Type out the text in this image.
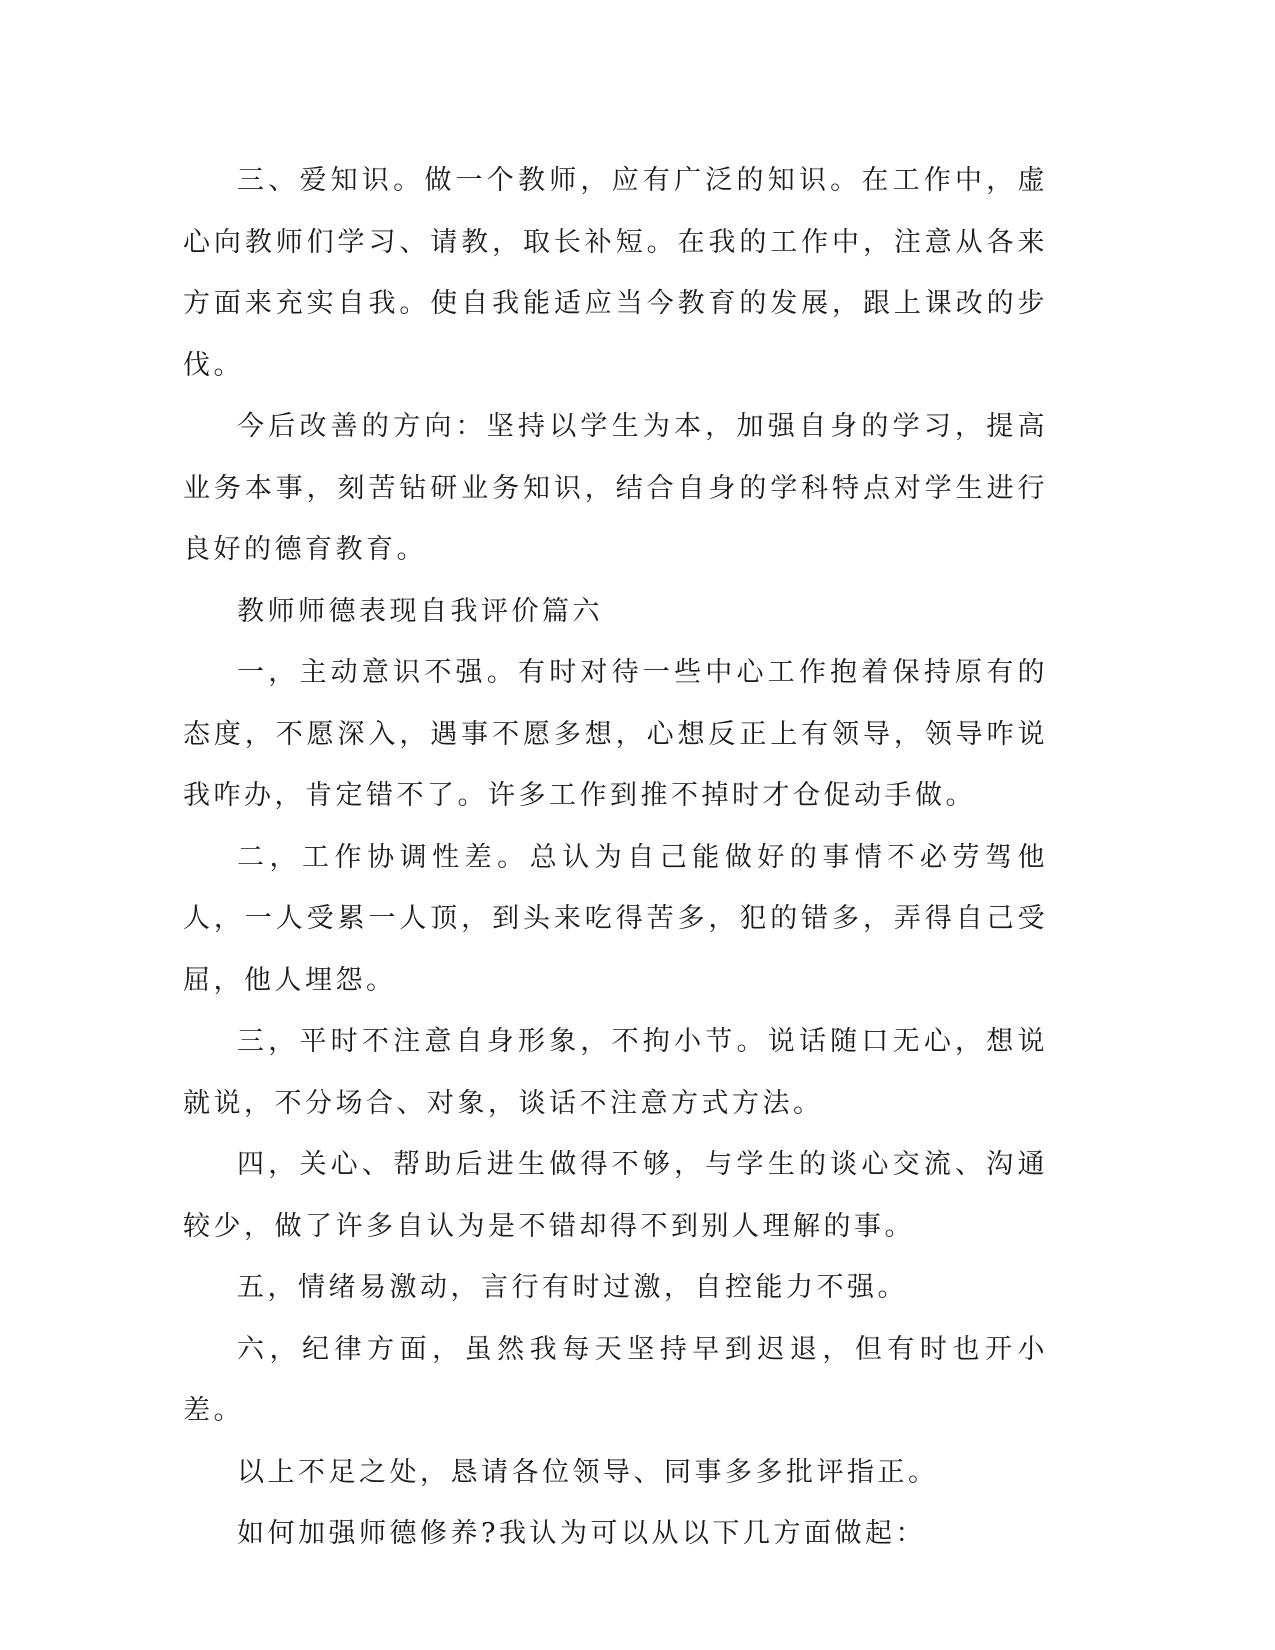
三、爱知识。做一个教师，应有广泛的知识。在工作中，虚心向教师们学习、请教，取长补短。在我的工作中，注意从各来方面来充实自我。使自我能适应当今教育的发展，跟上课改的步伐。

今后改善的方向：坚持以学生为本，加强自身的学习，提高业务本事，刻苦钻研业务知识，结合自身的学科特点对学生进行良好的德育教育。

教师师德表现自我评价篇六

一，主动意识不强。有时对待一些中心工作抱着保持原有的态度，不愿深入，遇事不愿多想，心想反正上有领导，领导咋说我咋办，肯定错不了。许多工作到推不掉时才仓促动手做。

二，工作协调性差。总认为自己能做好的事情不必劳驾他人，一人受累一人顶，到头来吃得苦多，犯的错多，弄得自己受屈，他人埋怨。

三，平时不注意自身形象，不拘小节。说话随口无心，想说就说，不分场合、对象，谈话不注意方式方法。

四，关心、帮助后进生做得不够，与学生的谈心交流、沟通较少，做了许多自认为是不错却得不到别人理解的事。

五，情绪易激动，言行有时过激，自控能力不强。

六，纪律方面，虽然我每天坚持早到迟退，但有时也开小差。

以上不足之处，恳请各位领导、同事多多批评指正。

如何加强师德修养?我认为可以从以下几方面做起：
